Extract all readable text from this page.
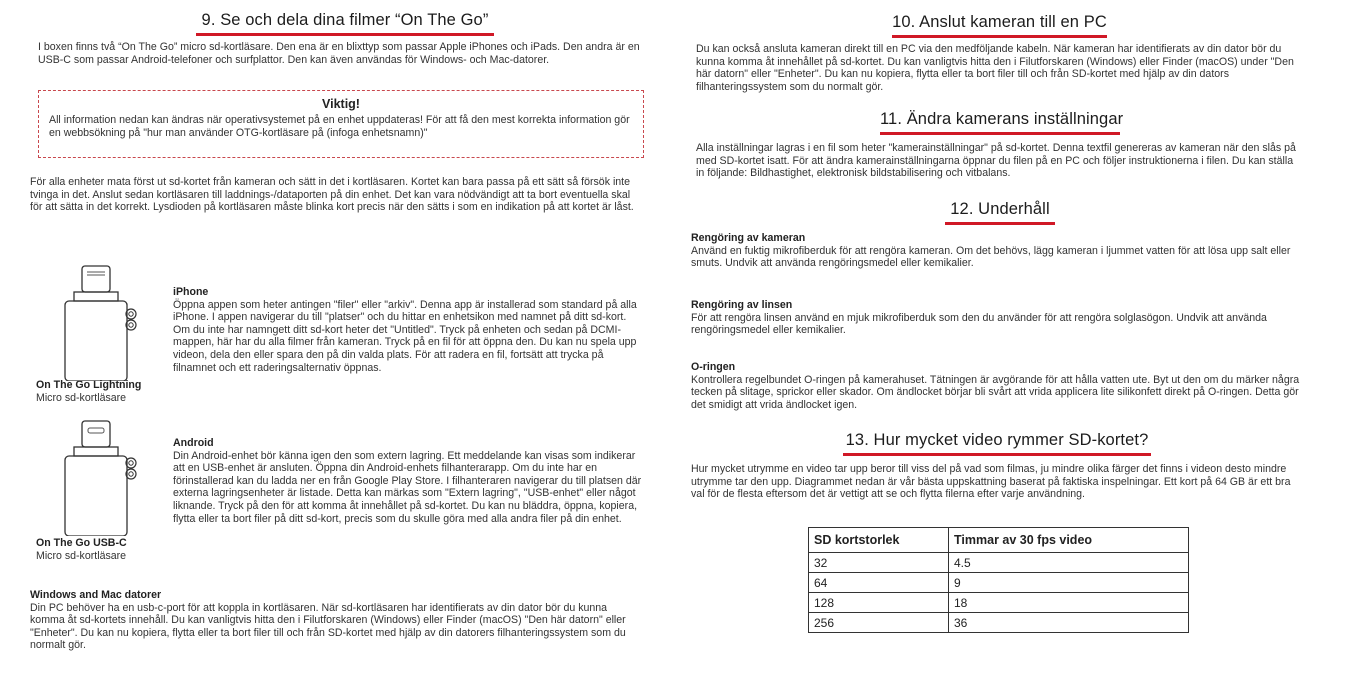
9. Se och dela dina filmer “On The Go”

I boxen finns två “On The Go” micro sd-kortläsare. Den ena är en blixttyp som passar Apple iPhones och iPads. Den andra är en USB-C som passar Android-telefoner och surfplattor. Den kan även användas för Windows- och Mac-datorer.

Viktig!
All information nedan kan ändras när operativsystemet på en enhet uppdateras! För att få den mest korrekta information gör en webbsökning på "hur man använder OTG-kortläsare på (infoga enhetsnamn)"

För alla enheter mata först ut sd-kortet från kameran och sätt in det i kortläsaren. Kortet kan bara passa på ett sätt så försök inte tvinga in det. Anslut sedan kortläsaren till laddnings-/dataporten på din enhet. Det kan vara nödvändigt att ta bort eventuella skal för att sätta in det korrekt. Lysdioden på kortläsaren måste blinka kort precis när den sätts i som en indikation på att kortet är låst.

On The Go Lightning
Micro sd-kortläsare
iPhone

Öppna appen som heter antingen "filer" eller "arkiv". Denna app är installerad som standard på alla iPhone. I appen navigerar du till "platser" och du hittar en enhetsikon med namnet på ditt sd-kort. Om du inte har namngett ditt sd-kort heter det "Untitled". Tryck på enheten och sedan på DCMI-mappen, här har du alla filmer från kameran. Tryck på en fil för att öppna den. Du kan nu spela upp videon, dela den eller spara den på din valda plats. För att radera en fil, fortsätt att trycka på filnamnet och ett raderingsalternativ öppnas.

On The Go USB-C
Micro sd-kortläsare
Android

Din Android-enhet bör känna igen den som extern lagring. Ett meddelande kan visas som indikerar att en USB-enhet är ansluten. Öppna din Android-enhets filhanterarapp. Om du inte har en förinstallerad kan du ladda ner en från Google Play Store. I filhanteraren navigerar du till platsen där externa lagringsenheter är listade. Detta kan märkas som "Extern lagring", "USB-enhet" eller något liknande. Tryck på den för att komma åt innehållet på sd-kortet. Du kan nu bläddra, öppna, kopiera, flytta eller ta bort filer på ditt sd-kort, precis som du skulle göra med alla andra filer på din enhet.

Windows and Mac datorer

Din PC behöver ha en usb-c-port för att koppla in kortläsaren. När sd-kortläsaren har identifierats av din dator bör du kunna komma åt sd-kortets innehåll. Du kan vanligtvis hitta den i Filutforskaren (Windows) eller Finder (macOS) "Den här datorn" eller "Enheter". Du kan nu kopiera, flytta eller ta bort filer till och från SD-kortet med hjälp av din datorers filhanteringssystem som du normalt gör.

10. Anslut kameran till en PC

Du kan också ansluta kameran direkt till en PC via den medföljande kabeln. När kameran har identifierats av din dator bör du kunna komma åt innehållet på sd-kortet. Du kan vanligtvis hitta den i Filutforskaren (Windows) eller Finder (macOS) under "Den här datorn" eller "Enheter". Du kan nu kopiera, flytta eller ta bort filer till och från SD-kortet med hjälp av din dators filhanteringssystem som du normalt gör.

11. Ändra kamerans inställningar

Alla inställningar lagras i en fil som heter "kamerainställningar" på sd-kortet. Denna textfil genereras av kameran när den slås på med SD-kortet isatt. För att ändra kamerainställningarna öppnar du filen på en PC och följer instruktionerna i filen. Du kan ställa in följande: Bildhastighet, elektronisk bildstabilisering och vitbalans.

12. Underhåll
Rengöring av kameran

Använd en fuktig mikrofiberduk för att rengöra kameran. Om det behövs, lägg kameran i ljummet vatten för att lösa upp salt eller smuts. Undvik att använda rengöringsmedel eller kemikalier.

Rengöring av linsen

För att rengöra linsen använd en mjuk mikrofiberduk som den du använder för att rengöra solglasögon. Undvik att använda rengöringsmedel eller kemikalier.

O-ringen

Kontrollera regelbundet O-ringen på kamerahuset. Tätningen är avgörande för att hålla vatten ute. Byt ut den om du märker några tecken på slitage, sprickor eller skador. Om ändlocket börjar bli svårt att vrida applicera lite silikonfett direkt på O-ringen. Detta gör det smidigt att vrida ändlocket igen.

13. Hur mycket video rymmer SD-kortet?

Hur mycket utrymme en video tar upp beror till viss del på vad som filmas, ju mindre olika färger det finns i videon desto mindre utrymme tar den upp. Diagrammet nedan är vår bästa uppskattning baserat på faktiska inspelningar. Ett kort på 64 GB är ett bra val för de flesta eftersom det är vettigt att se och flytta filerna efter varje användning.

SD kortstorlek	Timmar av 30 fps video
32	4.5
64	9
128	18
256	36
